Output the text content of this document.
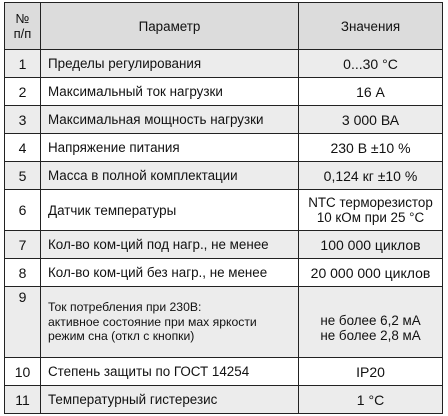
№
п/п	Параметр	Значения
1	Пределы регулирования	0...30 °C
2	Максимальный ток нагрузки	16 А
3	Максимальная мощность нагрузки	3 000 ВА
4	Напряжение питания	230 В ±10 %
5	Масса в полной комплектации	0,124 кг ±10 %
6	Датчик температуры	NTC терморезистор
10 кОм при 25 °C

7	Кол-во ком-ций под нагр., не менее	100 000 циклов
8	Кол-во ком-ций без нагр., не менее	20 000 000 циклов
9	Ток потребления при 230В:
активное состояние при мах яркости
режим сна (откл с кнопки)	не более 6,2 мА
не более 2,8 мА

10	Степень защиты по ГОСТ 14254	IP20
11	Температурный гистерезис	1 °C
